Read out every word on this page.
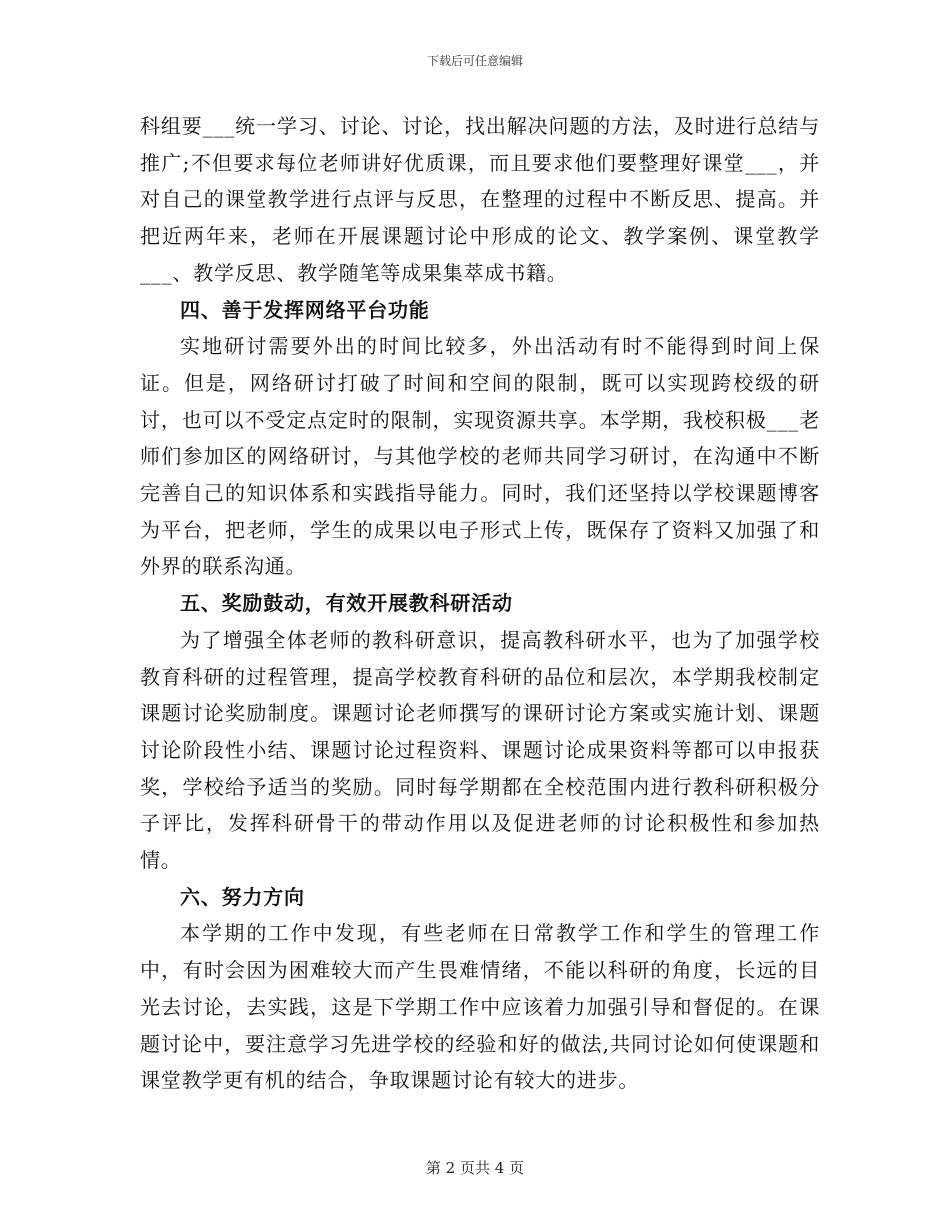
下载后可任意编辑

科组要___统一学习、讨论、讨论，找出解决问题的方法，及时进行总结与推广;不但要求每位老师讲好优质课，而且要求他们要整理好课堂___，并对自己的课堂教学进行点评与反思，在整理的过程中不断反思、提高。并把近两年来，老师在开展课题讨论中形成的论文、教学案例、课堂教学___、教学反思、教学随笔等成果集萃成书籍。

四、善于发挥网络平台功能

实地研讨需要外出的时间比较多，外出活动有时不能得到时间上保证。但是，网络研讨打破了时间和空间的限制，既可以实现跨校级的研讨，也可以不受定点定时的限制，实现资源共享。本学期，我校积极___老师们参加区的网络研讨，与其他学校的老师共同学习研讨，在沟通中不断完善自己的知识体系和实践指导能力。同时，我们还坚持以学校课题博客为平台，把老师，学生的成果以电子形式上传，既保存了资料又加强了和外界的联系沟通。

五、奖励鼓动，有效开展教科研活动

为了增强全体老师的教科研意识，提高教科研水平，也为了加强学校教育科研的过程管理，提高学校教育科研的品位和层次，本学期我校制定课题讨论奖励制度。课题讨论老师撰写的课研讨论方案或实施计划、课题讨论阶段性小结、课题讨论过程资料、课题讨论成果资料等都可以申报获奖，学校给予适当的奖励。同时每学期都在全校范围内进行教科研积极分子评比，发挥科研骨干的带动作用以及促进老师的讨论积极性和参加热情。

六、努力方向

本学期的工作中发现，有些老师在日常教学工作和学生的管理工作中，有时会因为困难较大而产生畏难情绪，不能以科研的角度，长远的目光去讨论，去实践，这是下学期工作中应该着力加强引导和督促的。在课题讨论中，要注意学习先进学校的经验和好的做法,共同讨论如何使课题和课堂教学更有机的结合，争取课题讨论有较大的进步。

第 2 页共 4 页
